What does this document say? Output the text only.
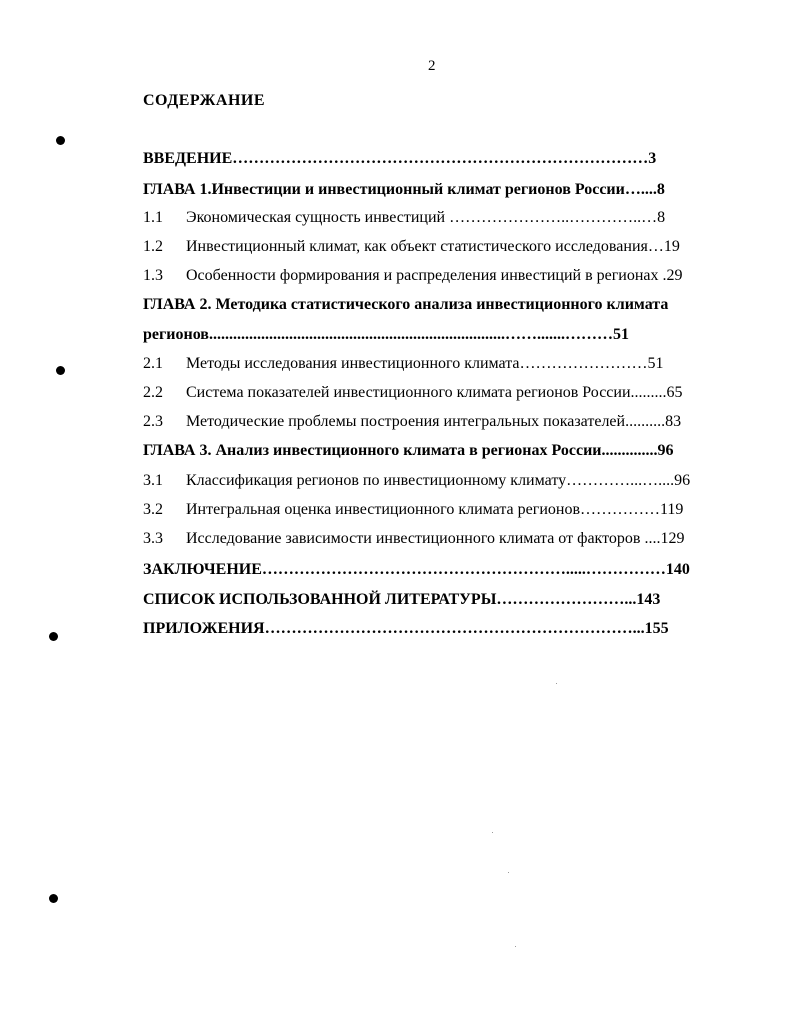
2
СОДЕРЖАНИЕ
ВВЕДЕНИЕ……………………………………………………………………3
ГЛАВА 1.Инвестиции и инвестиционный климат регионов России…....8
1.1 Экономическая сущность инвестиций …………………..…………..…8
1.2 Инвестиционный климат, как объект статистического исследования…19
1.3 Особенности формирования и распределения инвестиций в регионах .29
ГЛАВА 2. Методика статистического анализа инвестиционного климата
регионов..........................................................................…….......………51
2.1 Методы исследования инвестиционного климата……………………51
2.2 Система показателей инвестиционного климата регионов России.........65
2.3 Методические проблемы построения интегральных показателей..........83
ГЛАВА 3. Анализ инвестиционного климата в регионах России..............96
3.1 Классификация регионов по инвестиционному климату…………...…....96
3.2 Интегральная оценка инвестиционного климата регионов……………119
3.3 Исследование зависимости инвестиционного климата от факторов ....129
ЗАКЛЮЧЕНИЕ………………………………………………….....……………140
СПИСОК ИСПОЛЬЗОВАННОЙ ЛИТЕРАТУРЫ……………………...143
ПРИЛОЖЕНИЯ……………………………………………………………...155
